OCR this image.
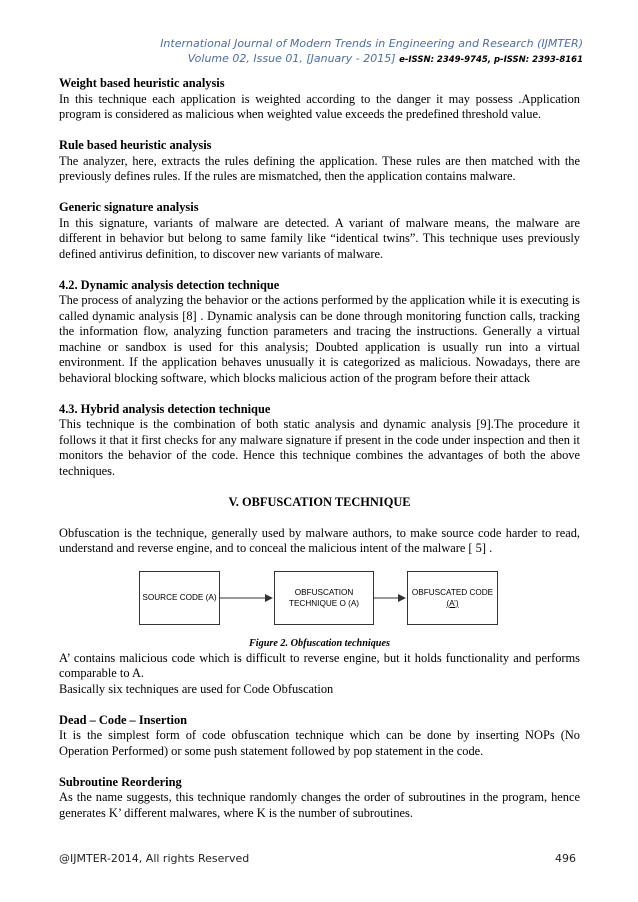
International Journal of Modern Trends in Engineering and Research (IJMTER)
Volume 02, Issue 01, [January - 2015] e-ISSN: 2349-9745, p-ISSN: 2393-8161
Weight based heuristic analysis

In this technique each application is weighted according to the danger it may possess .Application program is considered as malicious when weighted value exceeds the predefined threshold value.

Rule based heuristic analysis

The analyzer, here, extracts the rules defining the application. These rules are then matched with the previously defines rules. If the rules are mismatched, then the application contains malware.

Generic signature analysis

In this signature, variants of malware are detected. A variant of malware means, the malware are different in behavior but belong to same family like “identical twins”. This technique uses previously defined antivirus definition, to discover new variants of malware.

4.2. Dynamic analysis detection technique

The process of analyzing the behavior or the actions performed by the application while it is executing is called dynamic analysis [8] . Dynamic analysis can be done through monitoring function calls, tracking the information flow, analyzing function parameters and tracing the instructions. Generally a virtual machine or sandbox is used for this analysis; Doubted application is usually run into a virtual environment. If the application behaves unusually it is categorized as malicious. Nowadays, there are behavioral blocking software, which blocks malicious action of the program before their attack

4.3. Hybrid analysis detection technique

This technique is the combination of both static analysis and dynamic analysis [9].The procedure it follows it that it first checks for any malware signature if present in the code under inspection and then it monitors the behavior of the code. Hence this technique combines the advantages of both the above techniques.

V. OBFUSCATION TECHNIQUE

Obfuscation is the technique, generally used by malware authors, to make source code harder to read, understand and reverse engine, and to conceal the malicious intent of the malware [ 5] .

SOURCE CODE (A)
OBFUSCATION
TECHNIQUE O (A)
OBFUSCATED CODE
(A’)
Figure 2. Obfuscation techniques

A’ contains malicious code which is difficult to reverse engine, but it holds functionality and performs comparable to A.

Basically six techniques are used for Code Obfuscation

Dead – Code – Insertion

It is the simplest form of code obfuscation technique which can be done by inserting NOPs (No Operation Performed) or some push statement followed by pop statement in the code.

Subroutine Reordering

As the name suggests, this technique randomly changes the order of subroutines in the program, hence generates K’ different malwares, where K is the number of subroutines.

@IJMTER-2014, All rights Reserved	496
